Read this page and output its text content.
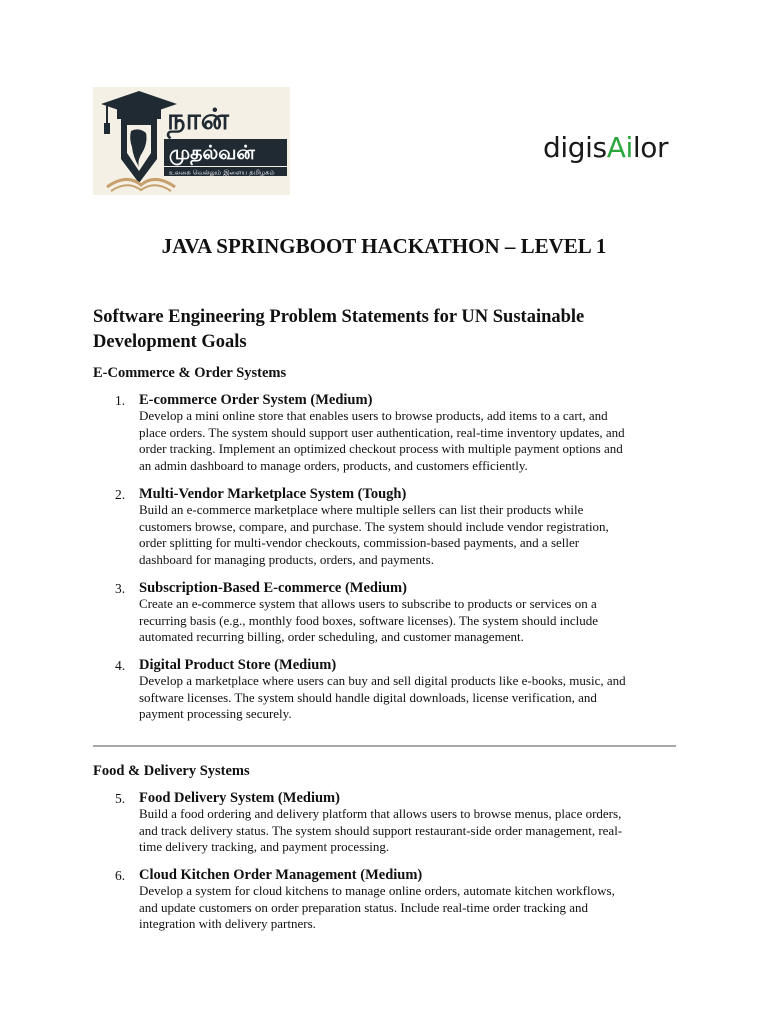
நான்
முதல்வன்
உலகை வெல்லும் இளைய தமிழகம்
digisAilor
JAVA SPRINGBOOT HACKATHON – LEVEL 1
Software Engineering Problem Statements for UN Sustainable
Development Goals
E-Commerce & Order Systems
1. E-commerce Order System (Medium)
Develop a mini online store that enables users to browse products, add items to a cart, and
place orders. The system should support user authentication, real-time inventory updates, and
order tracking. Implement an optimized checkout process with multiple payment options and
an admin dashboard to manage orders, products, and customers efficiently.
2. Multi-Vendor Marketplace System (Tough)
Build an e-commerce marketplace where multiple sellers can list their products while
customers browse, compare, and purchase. The system should include vendor registration,
order splitting for multi-vendor checkouts, commission-based payments, and a seller
dashboard for managing products, orders, and payments.
3. Subscription-Based E-commerce (Medium)
Create an e-commerce system that allows users to subscribe to products or services on a
recurring basis (e.g., monthly food boxes, software licenses). The system should include
automated recurring billing, order scheduling, and customer management.
4. Digital Product Store (Medium)
Develop a marketplace where users can buy and sell digital products like e-books, music, and
software licenses. The system should handle digital downloads, license verification, and
payment processing securely.
Food & Delivery Systems
5. Food Delivery System (Medium)
Build a food ordering and delivery platform that allows users to browse menus, place orders,
and track delivery status. The system should support restaurant-side order management, real-
time delivery tracking, and payment processing.
6. Cloud Kitchen Order Management (Medium)
Develop a system for cloud kitchens to manage online orders, automate kitchen workflows,
and update customers on order preparation status. Include real-time order tracking and
integration with delivery partners.
